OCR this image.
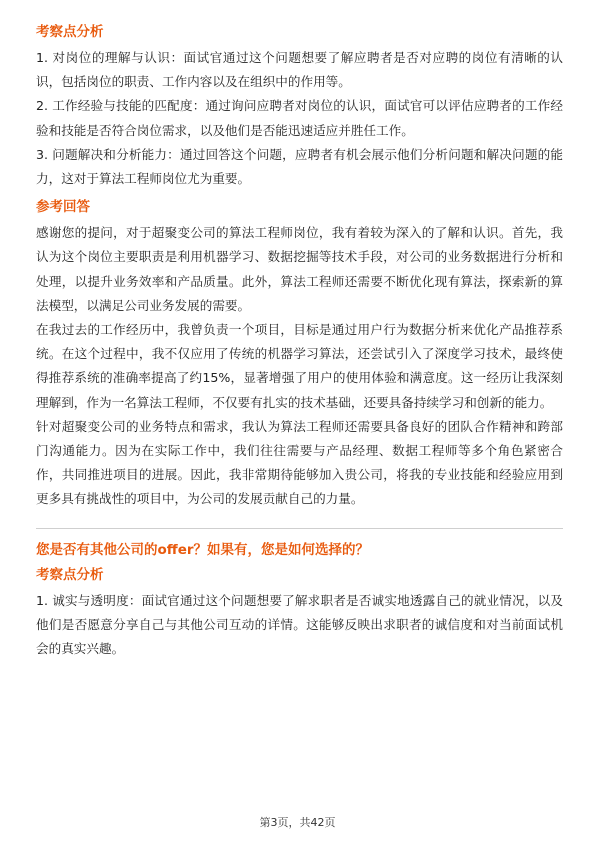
考察点分析

1. 对岗位的理解与认识：面试官通过这个问题想要了解应聘者是否对应聘的岗位有清晰的认识，包括岗位的职责、工作内容以及在组织中的作用等。

2. 工作经验与技能的匹配度：通过询问应聘者对岗位的认识，面试官可以评估应聘者的工作经验和技能是否符合岗位需求，以及他们是否能迅速适应并胜任工作。

3. 问题解决和分析能力：通过回答这个问题，应聘者有机会展示他们分析问题和解决问题的能力，这对于算法工程师岗位尤为重要。

参考回答

感谢您的提问，对于超聚变公司的算法工程师岗位，我有着较为深入的了解和认识。首先，我认为这个岗位主要职责是利用机器学习、数据挖掘等技术手段，对公司的业务数据进行分析和处理，以提升业务效率和产品质量。此外，算法工程师还需要不断优化现有算法，探索新的算法模型，以满足公司业务发展的需要。

在我过去的工作经历中，我曾负责一个项目，目标是通过用户行为数据分析来优化产品推荐系统。在这个过程中，我不仅应用了传统的机器学习算法，还尝试引入了深度学习技术，最终使得推荐系统的准确率提高了约15%，显著增强了用户的使用体验和满意度。这一经历让我深刻理解到，作为一名算法工程师，不仅要有扎实的技术基础，还要具备持续学习和创新的能力。

针对超聚变公司的业务特点和需求，我认为算法工程师还需要具备良好的团队合作精神和跨部门沟通能力。因为在实际工作中，我们往往需要与产品经理、数据工程师等多个角色紧密合作，共同推进项目的进展。因此，我非常期待能够加入贵公司，将我的专业技能和经验应用到更多具有挑战性的项目中，为公司的发展贡献自己的力量。

您是否有其他公司的offer？如果有，您是如何选择的？
考察点分析

1. 诚实与透明度：面试官通过这个问题想要了解求职者是否诚实地透露自己的就业情况，以及他们是否愿意分享自己与其他公司互动的详情。这能够反映出求职者的诚信度和对当前面试机会的真实兴趣。

第3页，共42页
